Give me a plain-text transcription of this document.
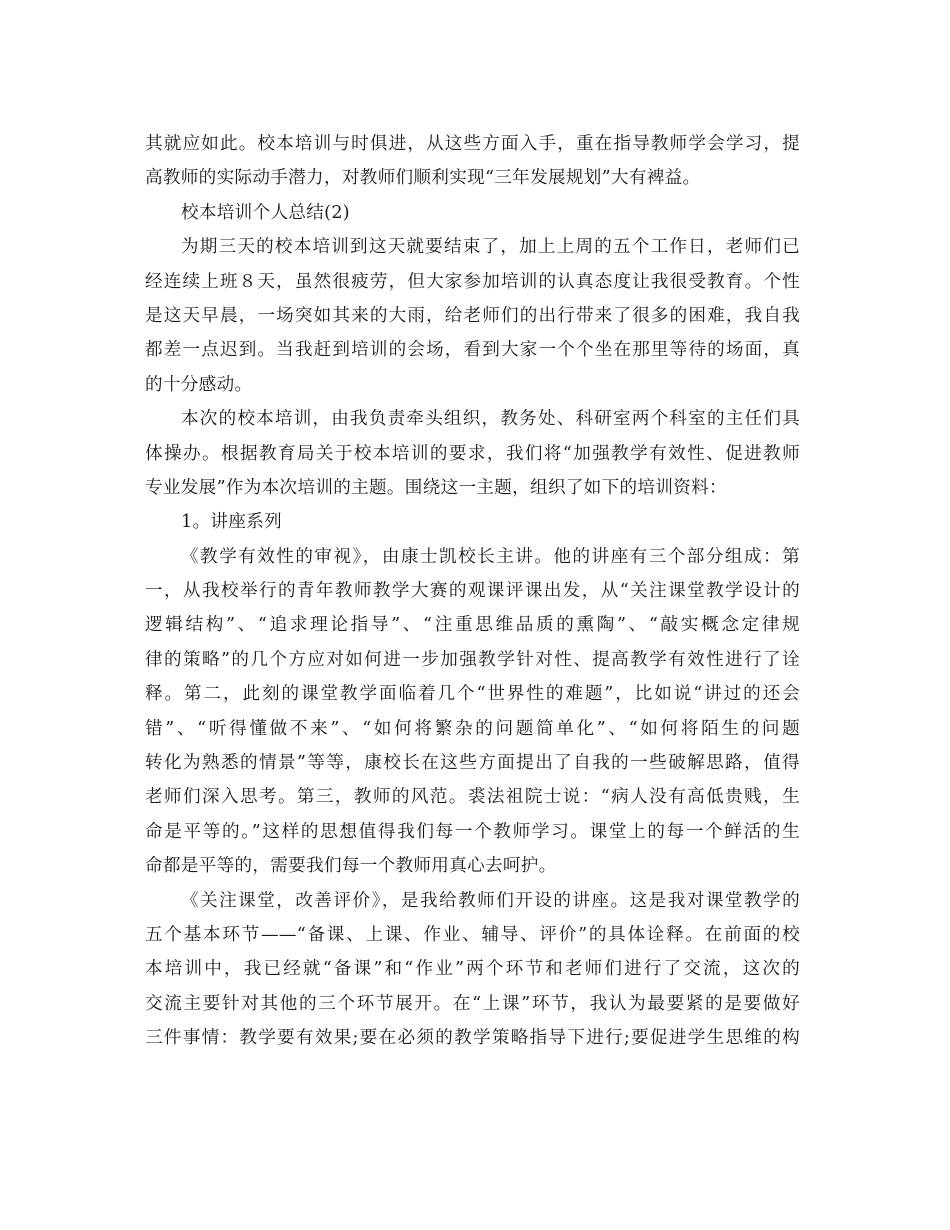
其就应如此。校本培训与时俱进，从这些方面入手，重在指导教师学会学习，提
高教师的实际动手潜力，对教师们顺利实现“三年发展规划”大有裨益。
校本培训个人总结(2)
为期三天的校本培训到这天就要结束了，加上上周的五个工作日，老师们已
经连续上班８天，虽然很疲劳，但大家参加培训的认真态度让我很受教育。个性
是这天早晨，一场突如其来的大雨，给老师们的出行带来了很多的困难，我自我
都差一点迟到。当我赶到培训的会场，看到大家一个个坐在那里等待的场面，真
的十分感动。
本次的校本培训，由我负责牵头组织，教务处、科研室两个科室的主任们具
体操办。根据教育局关于校本培训的要求，我们将“加强教学有效性、促进教师
专业发展”作为本次培训的主题。围绕这一主题，组织了如下的培训资料：
1。讲座系列
《教学有效性的审视》，由康士凯校长主讲。他的讲座有三个部分组成：第
一，从我校举行的青年教师教学大赛的观课评课出发，从“关注课堂教学设计的
逻辑结构”、“追求理论指导”、“注重思维品质的熏陶”、“敲实概念定律规
律的策略”的几个方应对如何进一步加强教学针对性、提高教学有效性进行了诠
释。第二，此刻的课堂教学面临着几个“世界性的难题”，比如说“讲过的还会
错”、“听得懂做不来”、“如何将繁杂的问题简单化”、“如何将陌生的问题
转化为熟悉的情景”等等，康校长在这些方面提出了自我的一些破解思路，值得
老师们深入思考。第三，教师的风范。裘法祖院士说：“病人没有高低贵贱，生
命是平等的。”这样的思想值得我们每一个教师学习。课堂上的每一个鲜活的生
命都是平等的，需要我们每一个教师用真心去呵护。
《关注课堂，改善评价》，是我给教师们开设的讲座。这是我对课堂教学的
五个基本环节——“备课、上课、作业、辅导、评价”的具体诠释。在前面的校
本培训中，我已经就“备课”和“作业”两个环节和老师们进行了交流，这次的
交流主要针对其他的三个环节展开。在“上课”环节，我认为最要紧的是要做好
三件事情：教学要有效果;要在必须的教学策略指导下进行;要促进学生思维的构
